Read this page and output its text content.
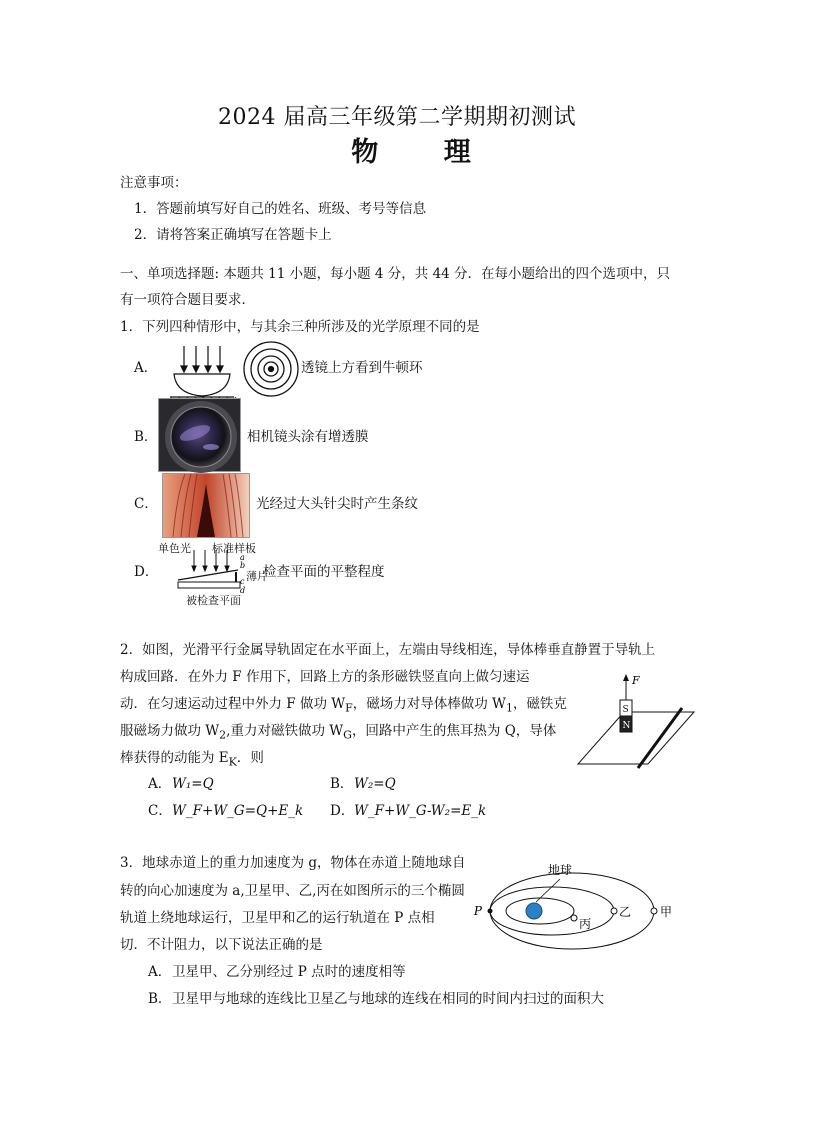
2024 届高三年级第二学期期初测试
物 理
注意事项：
1．答题前填写好自己的姓名、班级、考号等信息
2．请将答案正确填写在答题卡上
一、单项选择题: 本题共 11 小题，每小题 4 分，共 44 分．在每小题给出的四个选项中，只
有一项符合题目要求．
1．下列四种情形中，与其余三种所涉及的光学原理不同的是
A．	透镜上方看到牛顿环
B．	相机镜头涂有增透膜
C．	光经过大头针尖时产生条纹
单色光 标准样板
D．
a
b
c
d
薄片
被检查平面
检查平面的平整程度
2．如图，光滑平行金属导轨固定在水平面上，左端由导线相连，导体棒垂直静置于导轨上
构成回路．在外力 F 作用下，回路上方的条形磁铁竖直向上做匀速运
动．在匀速运动过程中外力 F 做功 $W_F$，磁场力对导体棒做功 $W_1$，磁铁克
服磁场力做功 $W_2$,重力对磁铁做功 $W_G$，回路中产生的焦耳热为 Q，导体
棒获得的动能为 $E_K$．则
A． W₁=Q	B． W₂=Q
C． W_F+W_G=Q+E_k D． W_F+W_G-W₂=E_k
F
S
N
3．地球赤道上的重力加速度为 g，物体在赤道上随地球自
转的向心加速度为 a,卫星甲、乙,丙在如图所示的三个椭圆
轨道上绕地球运行，卫星甲和乙的运行轨道在 P 点相
切．不计阻力，以下说法正确的是
A． 卫星甲、乙分别经过 P 点时的速度相等
B． 卫星甲与地球的连线比卫星乙与地球的连线在相同的时间内扫过的面积大
地球
P
丙
乙 甲
